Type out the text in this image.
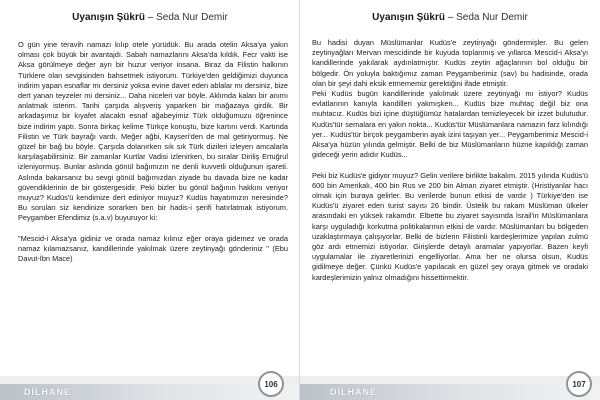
Uyanışın Şükrü – Seda Nur Demir

O gün yine teravih namazı kılıp otele yürüdük. Bu arada otelin Aksa'ya yakın olması çok büyük bir avantajdı. Sabah namazlarını Aksa'da kıldık. Fecr vakti ise Aksa görülmeye değer ayrı bir huzur veriyor insana. Biraz da Filistin halkının Türklere olan sevgisinden bahsetmek istiyorum. Türkiye'den geldiğimizi duyunca indirim yapan esnaflar mı dersiniz yoksa evine davet eden ablalar mı dersiniz, bize dert yanan teyzeler mi dersiniz... Daha niceleri var böyle. Aklımda kalan bir anımı anlatmak isterim. Tarihi çarşıda alışveriş yaparken bir mağazaya girdik. Bir arkadaşımız bir kıyafet alacaktı esnaf ağabeyimiz Türk olduğumuzu öğrenince bize indirim yaptı. Sonra birkaç kelime Türkçe konuştu, bize kartını verdi. Kartında Filistin ve Türk bayrağı vardı. Meğer ağbi, Kayseri'den de mal getiriyormuş. Ne güzel bir bağ bu böyle. Çarşıda dolanırken sık sık Türk dizileri izleyen amcalarla karşılaşabilirsiniz. Bir zamanlar Kurtlar Vadisi izlenirken, bu sıralar Diriliş Ertuğrul izleniyormuş. Bunlar aslında gönül bağımızın ne denli kuvvetli olduğunun işareti. Aslında bakarsanız bu sevgi gönül bağımızdan ziyade bu davada bize ne kadar güvendiklerinin de bir göstergesidir. Peki bizler bu gönül bağının hakkını veriyor muyuz? Kudüs'ü kendimize dert ediniyor muyuz? Kudüs hayatımızın neresinde? Bu soruları siz kendinize sorarken ben bir hadis-i şerifi hatırlatmak istiyorum. Peygamber Efendimiz (s.a.v) buyuruyor ki:

"Mescid-i Aksa'ya gidiniz ve orada namaz kılınız eğer oraya gidemez ve orada namaz kılamazsanız, kandillerinde yakılmak üzere zeytinyağı gönderiniz " (Ebu Davut-İbn Mace)

DİLHANE
106
Uyanışın Şükrü – Seda Nur Demir

Bu hadisi duyan Müslümanlar Kudüs'e zeytinyağı göndermişler. Bu gelen zeytinyağları Mervan mescidinde bir kuyuda toplanmış ve yıllarca Mescid-i Aksa'yı kandillerinde yakılarak aydınlatmıştır. Kudüs zeytin ağaçlarının bol olduğu bir bölgedir. Ön yoluyla baktığımız zaman Peygamberimiz (sav) bu hadisinde, orada olan bir şeyi dahi eksik etmememiz gerektiğini ifade etmiştir.

Peki Kudüs bugün kandillerinde yakılmak üzere zeytinyağı mı istiyor? Kudüs evlatlarının kanıyla kandilleri yakmışken... Kudüs bize muhtaç değil biz ona muhtacız. Kudüs bizi içine düştüğümüz hatalardan temizleyecek bir izzet bulutudur. Kudüs'tür semalara en yakın nokta... Kudüs'tür Müslümanlara namazın farz kılındığı yer... Kudüs'tür birçok peygamberin ayak izini taşıyan yer... Peygamberimiz Mescid-i Aksa'ya hüzün yılında gelmiştir. Belki de biz Müslümanların hüzne kapıldığı zaman gideceği yerin adıdır Kudüs...

Peki biz Kudüs'e gidiyor muyuz? Gelin verilere birlikte bakalım. 2015 yılında Kudüs'ü 600 bin Amerikalı, 400 bin Rus ve 200 bin Alman ziyaret etmiştir. (Hristiyanlar hacı olmak için buraya gelirler. Bu verilerde bunun etkisi de vardır ) Türkiye'den ise Kudüs'ü ziyaret eden turist sayısı 26 bindir. Üstelik bu rakam Müslüman ülkeler arasındaki en yüksek rakamdır. Elbette bu ziyaret sayısında İsrail'in Müslümanlara karşı uyguladığı korkutma politikalarının etkisi de vardır. Müslümanları bu bölgeden uzaklaştırmaya çalışıyorlar. Belki de bizlerin Filistinli kardeşlerimize yapılan zulmü göz ardı etmemizi istiyorlar. Girişlerde detaylı aramalar yapıyorlar. Bazen keyfi uygulamalar ile ziyaretlerinizi engelliyorlar. Ama her ne olursa olsun, Kudüs gidilmeye değer. Çünkü Kudüs'e yapılacak en güzel şey oraya gitmek ve oradaki kardeşlerimizin yalnız olmadığını hissettirmektir.

DİLHANE
107
